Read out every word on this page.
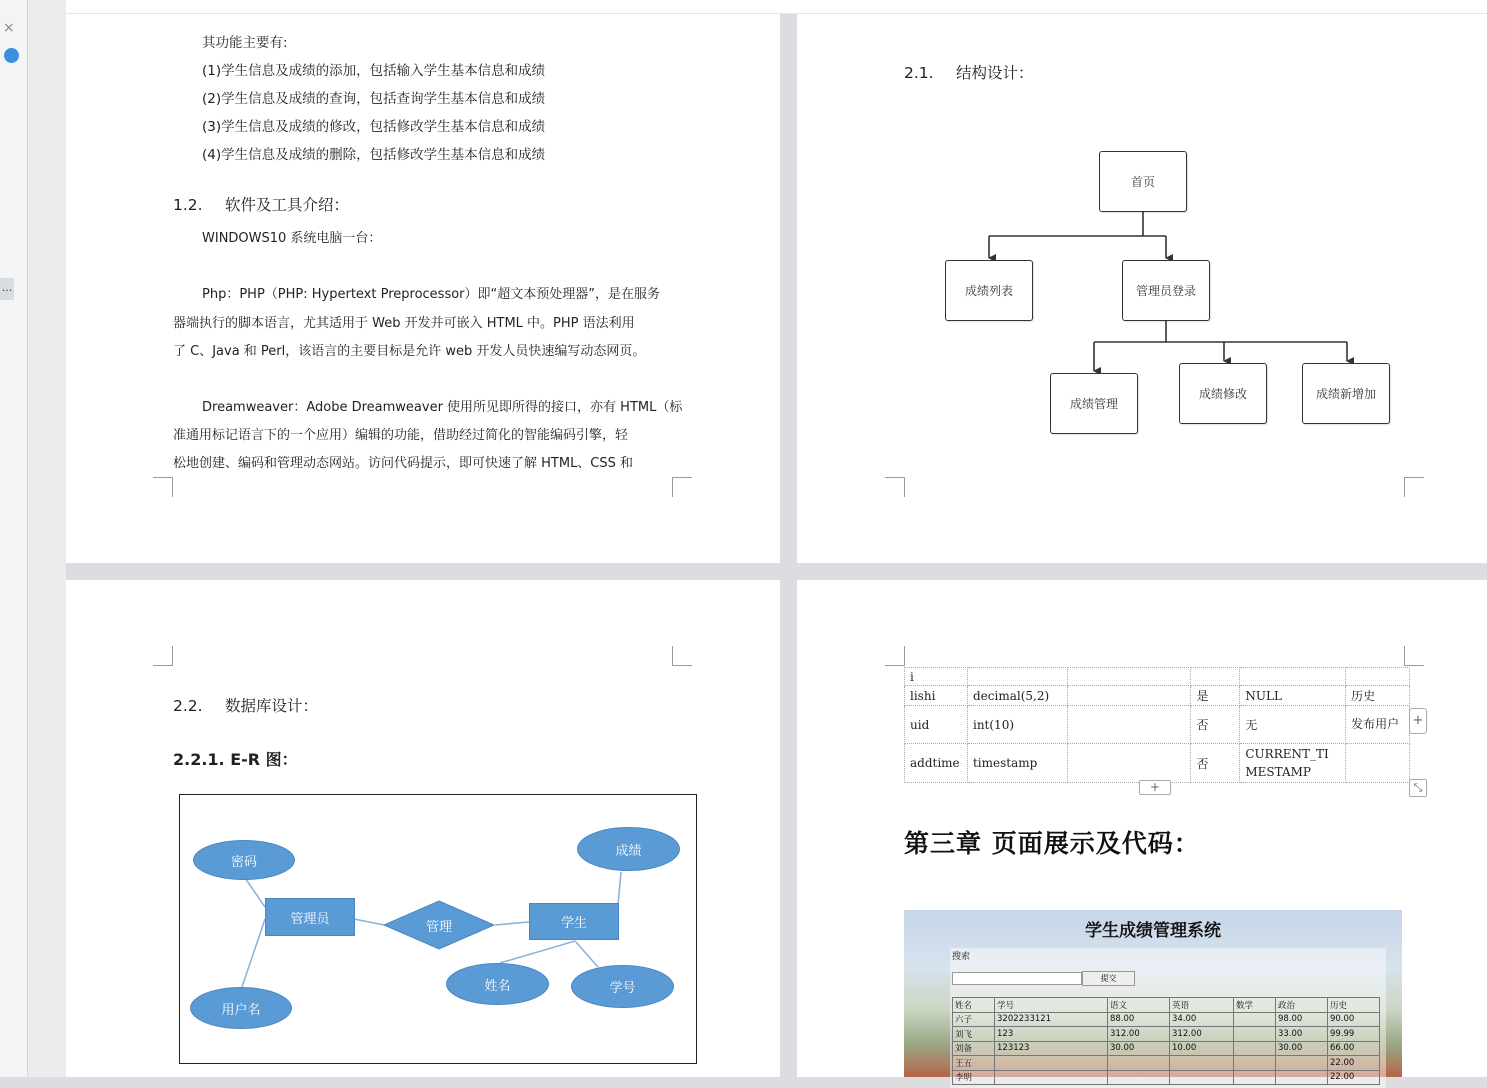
×
...
其功能主要有:
(1)学生信息及成绩的添加，包括输入学生基本信息和成绩
(2)学生信息及成绩的查询，包括查询学生基本信息和成绩
(3)学生信息及成绩的修改，包括修改学生基本信息和成绩
(4)学生信息及成绩的删除，包括修改学生基本信息和成绩
1.2. 软件及工具介绍：
WINDOWS10 系统电脑一台：
Php：PHP（PHP: Hypertext Preprocessor）即“超文本预处理器”，是在服务
器端执行的脚本语言，尤其适用于 Web 开发并可嵌入 HTML 中。PHP 语法利用
了 C、Java 和 Perl，该语言的主要目标是允许 web 开发人员快速编写动态网页。
Dreamweaver：Adobe Dreamweaver 使用所见即所得的接口，亦有 HTML（标
准通用标记语言下的一个应用）编辑的功能，借助经过简化的智能编码引擎，轻
松地创建、编码和管理动态网站。访问代码提示，即可快速了解 HTML、CSS 和
2.1. 结构设计：
首页
成绩列表	管理员登录
成绩管理
成绩修改	成绩新增加
2.2. 数据库设计：
2.2.1. E-R 图：
密码
管理员
用户名
管理	学生
成绩
姓名	学号
i					
lishi	decimal(5,2)		是	NULL	历史
uid	int(10)		否	无	发布用户
addtime	timestamp		否	CURRENT_TIMESTAMP	
+
+	⤡
第三章 页面展示及代码：
学生成绩管理系统
搜索
提交
姓名	学号	语文	英语	数学	政治	历史
六子	3202233121	88.00	34.00		98.00	90.00
刘飞	123	312.00	312.00		33.00	99.99
刘备	123123	30.00	10.00		30.00	66.00
王五						22.00
李明						22.00
